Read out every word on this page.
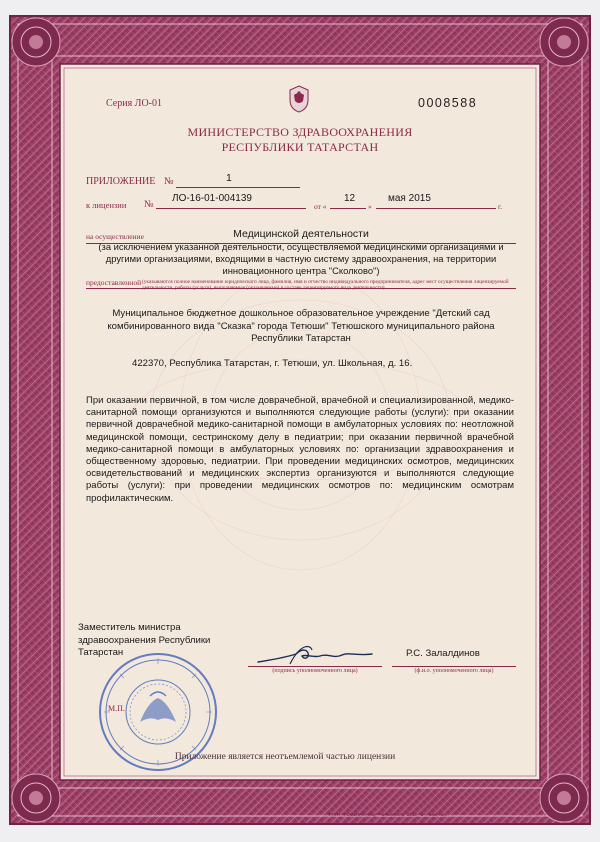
Серия ЛО-01	0008588
МИНИСТЕРСТВО ЗДРАВООХРАНЕНИЯ
РЕСПУБЛИКИ ТАТАРСТАН
ПРИЛОЖЕНИЕ №	1
к лицензии №
ЛО-16-01-004139
от «
12
»
мая 2015
г.
на осуществление	Медицинской деятельности
(за исключением указанной деятельности, осуществляемой медицинскими организациями и другими организациями, входящими в частную систему здравоохранения, на территории инновационного центра "Сколково")
предоставленной (указываются полное наименование юридического лица, фамилия, имя и отчество индивидуального предпринимателя, адрес мест осуществления лицензируемой деятельности, работы (услуги), выполняемые (оказываемые) в составе лицензируемого вида деятельности)
Муниципальное бюджетное дошкольное образовательное учреждение "Детский сад комбинированного вида "Сказка" города Тетюши" Тетюшского муниципального района Республики Татарстан
422370, Республика Татарстан, г. Тетюши, ул. Школьная, д. 16.
При оказании первичной, в том числе доврачебной, врачебной и специализированной, медико-санитарной помощи организуются и выполняются следующие работы (услуги): при оказании первичной доврачебной медико-санитарной помощи в амбулаторных условиях по: неотложной медицинской помощи, сестринскому делу в педиатрии; при оказании первичной врачебной медико-санитарной помощи в амбулаторных условиях по: организации здравоохранения и общественному здоровью, педиатрии. При проведении медицинских осмотров, медицинских освидетельствований и медицинских экспертиз организуются и выполняются следующие работы (услуги): при проведении медицинских осмотров по: медицинским осмотрам профилактическим.
Заместитель министра
здравоохранения Республики
Татарстан
(подпись уполномоченного лица)
Р.С. Залалдинов
(ф.и.о. уполномоченного лица)
М.П.
Приложение является неотъемлемой частью лицензии
ФГУП «ГОСЗНАК»МЦ» • Бланкоплз, 2013 «Б». Зак. № ...
